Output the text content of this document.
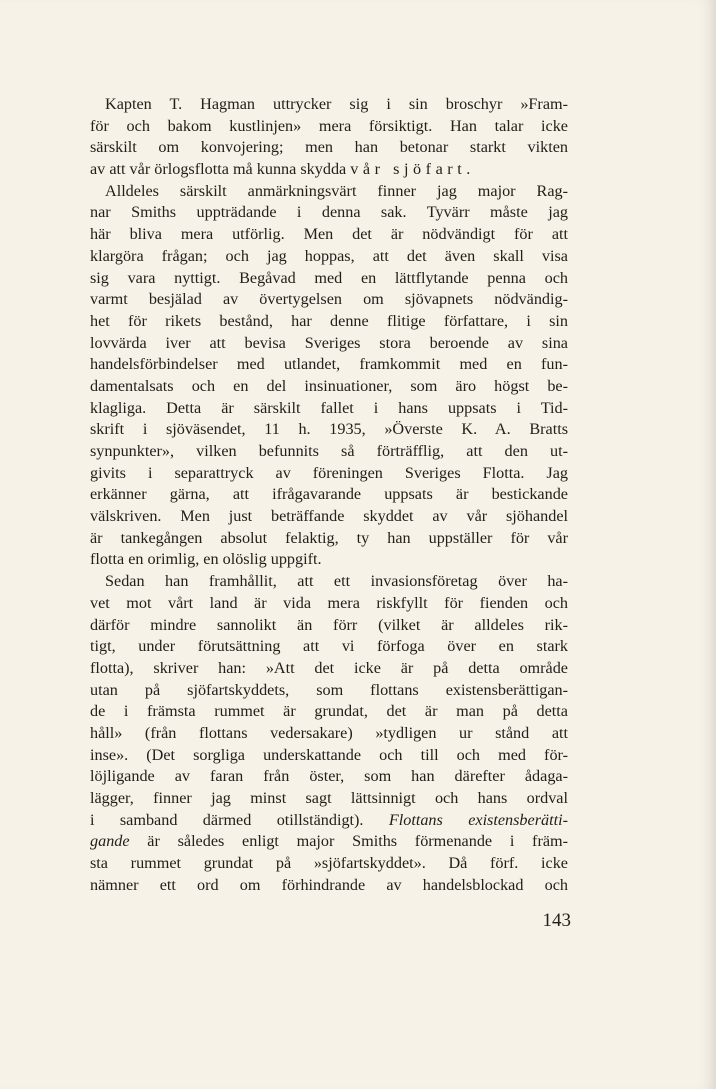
Kapten T. Hagman uttrycker sig i sin broschyr »Fram-
för och bakom kustlinjen» mera försiktigt. Han talar icke
särskilt om konvojering; men han betonar starkt vikten
av att vår örlogsflotta må kunna skydda vår sjöfart.
Alldeles särskilt anmärkningsvärt finner jag major Rag-
nar Smiths uppträdande i denna sak. Tyvärr måste jag
här bliva mera utförlig. Men det är nödvändigt för att
klargöra frågan; och jag hoppas, att det även skall visa
sig vara nyttigt. Begåvad med en lättflytande penna och
varmt besjälad av övertygelsen om sjövapnets nödvändig-
het för rikets bestånd, har denne flitige författare, i sin
lovvärda iver att bevisa Sveriges stora beroende av sina
handelsförbindelser med utlandet, framkommit med en fun-
damentalsats och en del insinuationer, som äro högst be-
klagliga. Detta är särskilt fallet i hans uppsats i Tid-
skrift i sjöväsendet, 11 h. 1935, »Överste K. A. Bratts
synpunkter», vilken befunnits så förträfflig, att den ut-
givits i separattryck av föreningen Sveriges Flotta. Jag
erkänner gärna, att ifrågavarande uppsats är bestickande
välskriven. Men just beträffande skyddet av vår sjöhandel
är tankegången absolut felaktig, ty han uppställer för vår
flotta en orimlig, en olöslig uppgift.
Sedan han framhållit, att ett invasionsföretag över ha-
vet mot vårt land är vida mera riskfyllt för fienden och
därför mindre sannolikt än förr (vilket är alldeles rik-
tigt, under förutsättning att vi förfoga över en stark
flotta), skriver han: »Att det icke är på detta område
utan på sjöfartskyddets, som flottans existensberättigan-
de i främsta rummet är grundat, det är man på detta
håll» (från flottans vedersakare) »tydligen ur stånd att
inse». (Det sorgliga underskattande och till och med för-
löjligande av faran från öster, som han därefter ådaga-
lägger, finner jag minst sagt lättsinnigt och hans ordval
i samband därmed otillständigt). Flottans existensberätti-
gande är således enligt major Smiths förmenande i främ-
sta rummet grundat på »sjöfartskyddet». Då förf. icke
nämner ett ord om förhindrande av handelsblockad och
143
